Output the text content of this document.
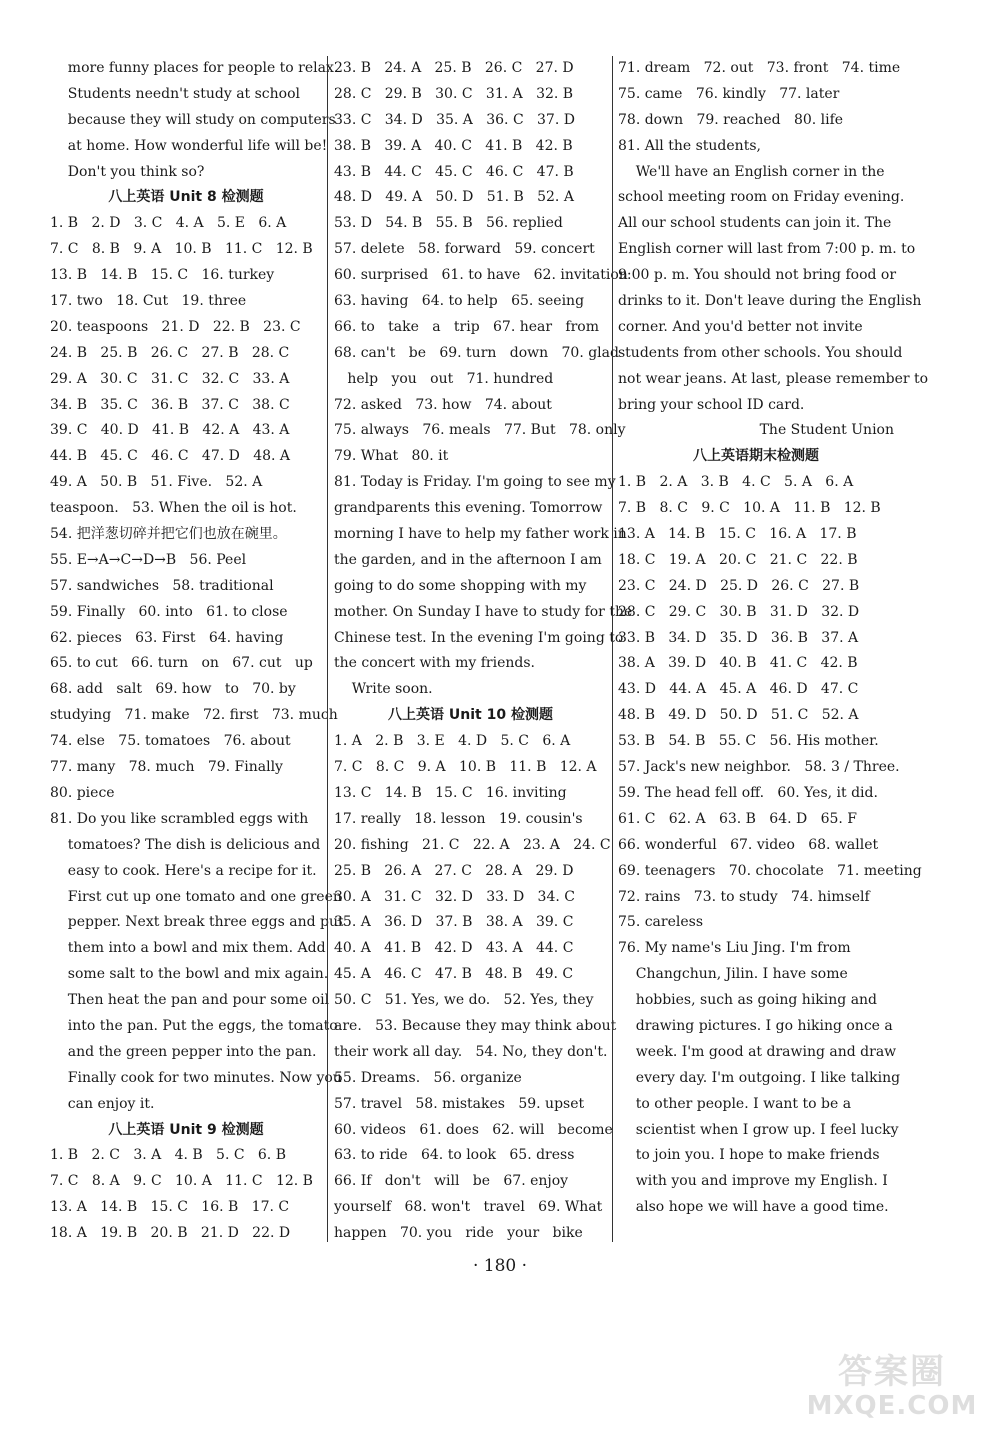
more funny places for people to relax.
Students needn't study at school
because they will study on computers
at home. How wonderful life will be!
Don't you think so?
八上英语 Unit 8 检测题
1. B   2. D   3. C   4. A   5. E   6. A
7. C   8. B   9. A   10. B   11. C   12. B
13. B   14. B   15. C   16. turkey
17. two   18. Cut   19. three
20. teaspoons   21. D   22. B   23. C
24. B   25. B   26. C   27. B   28. C
29. A   30. C   31. C   32. C   33. A
34. B   35. C   36. B   37. C   38. C
39. C   40. D   41. B   42. A   43. A
44. B   45. C   46. C   47. D   48. A
49. A   50. B   51. Five.   52. A
teaspoon.   53. When the oil is hot.
54. 把洋葱切碎并把它们也放在碗里。
55. E→A→C→D→B   56. Peel
57. sandwiches   58. traditional
59. Finally   60. into   61. to close
62. pieces   63. First   64. having
65. to cut   66. turn   on   67. cut   up
68. add   salt   69. how   to   70. by
studying   71. make   72. first   73. much
74. else   75. tomatoes   76. about
77. many   78. much   79. Finally
80. piece
81. Do you like scrambled eggs with
tomatoes? The dish is delicious and
easy to cook. Here's a recipe for it.
First cut up one tomato and one green
pepper. Next break three eggs and put
them into a bowl and mix them. Add
some salt to the bowl and mix again.
Then heat the pan and pour some oil
into the pan. Put the eggs, the tomato
and the green pepper into the pan.
Finally cook for two minutes. Now you
can enjoy it.
八上英语 Unit 9 检测题
1. B   2. C   3. A   4. B   5. C   6. B
7. C   8. A   9. C   10. A   11. C   12. B
13. A   14. B   15. C   16. B   17. C
18. A   19. B   20. B   21. D   22. D
23. B   24. A   25. B   26. C   27. D
28. C   29. B   30. C   31. A   32. B
33. C   34. D   35. A   36. C   37. D
38. B   39. A   40. C   41. B   42. B
43. B   44. C   45. C   46. C   47. B
48. D   49. A   50. D   51. B   52. A
53. D   54. B   55. B   56. replied
57. delete   58. forward   59. concert
60. surprised   61. to have   62. invitation
63. having   64. to help   65. seeing
66. to   take   a   trip   67. hear   from
68. can't   be   69. turn   down   70. glad
help   you   out   71. hundred
72. asked   73. how   74. about
75. always   76. meals   77. But   78. only
79. What   80. it
81. Today is Friday. I'm going to see my
grandparents this evening. Tomorrow
morning I have to help my father work in
the garden, and in the afternoon I am
going to do some shopping with my
mother. On Sunday I have to study for the
Chinese test. In the evening I'm going to
the concert with my friends.
Write soon.
八上英语 Unit 10 检测题
1. A   2. B   3. E   4. D   5. C   6. A
7. C   8. C   9. A   10. B   11. B   12. A
13. C   14. B   15. C   16. inviting
17. really   18. lesson   19. cousin's
20. fishing   21. C   22. A   23. A   24. C
25. B   26. A   27. C   28. A   29. D
30. A   31. C   32. D   33. D   34. C
35. A   36. D   37. B   38. A   39. C
40. A   41. B   42. D   43. A   44. C
45. A   46. C   47. B   48. B   49. C
50. C   51. Yes, we do.   52. Yes, they
are.   53. Because they may think about
their work all day.   54. No, they don't.
55. Dreams.   56. organize
57. travel   58. mistakes   59. upset
60. videos   61. does   62. will   become
63. to ride   64. to look   65. dress
66. If   don't   will   be   67. enjoy
yourself   68. won't   travel   69. What
happen   70. you   ride   your   bike
71. dream   72. out   73. front   74. time
75. came   76. kindly   77. later
78. down   79. reached   80. life
81. All the students,
We'll have an English corner in the
school meeting room on Friday evening.
All our school students can join it. The
English corner will last from 7:00 p. m. to
9:00 p. m. You should not bring food or
drinks to it. Don't leave during the English
corner. And you'd better not invite
students from other schools. You should
not wear jeans. At last, please remember to
bring your school ID card.
The Student Union
八上英语期末检测题
1. B   2. A   3. B   4. C   5. A   6. A
7. B   8. C   9. C   10. A   11. B   12. B
13. A   14. B   15. C   16. A   17. B
18. C   19. A   20. C   21. C   22. B
23. C   24. D   25. D   26. C   27. B
28. C   29. C   30. B   31. D   32. D
33. B   34. D   35. D   36. B   37. A
38. A   39. D   40. B   41. C   42. B
43. D   44. A   45. A   46. D   47. C
48. B   49. D   50. D   51. C   52. A
53. B   54. B   55. C   56. His mother.
57. Jack's new neighbor.   58. 3 / Three.
59. The head fell off.   60. Yes, it did.
61. C   62. A   63. B   64. D   65. F
66. wonderful   67. video   68. wallet
69. teenagers   70. chocolate   71. meeting
72. rains   73. to study   74. himself
75. careless
76. My name's Liu Jing. I'm from
Changchun, Jilin. I have some
hobbies, such as going hiking and
drawing pictures. I go hiking once a
week. I'm good at drawing and draw
every day. I'm outgoing. I like talking
to other people. I want to be a
scientist when I grow up. I feel lucky
to join you. I hope to make friends
with you and improve my English. I
also hope we will have a good time.
· 180 ·
答案圈
MXQE.COM
